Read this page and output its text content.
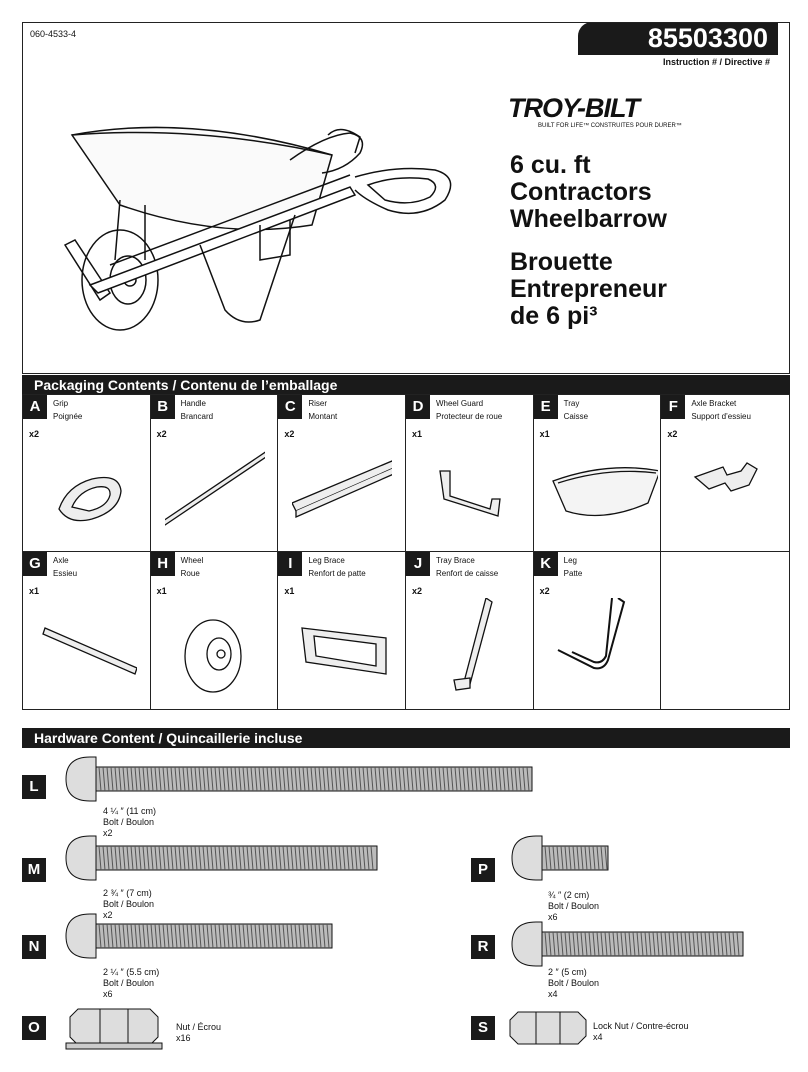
060-4533-4	85503300
Instruction # / Directive #
TROY-BILT
BUILT FOR LIFE™ CONSTRUITES POUR DURER™
6 cu. ft
Contractors
Wheelbarrow
Brouette
Entrepreneur
de 6 pi³
Packaging Contents / Contenu de l’emballage
A	Grip
Poignée
x2
B	Handle
Brancard
x2
C	Riser
Montant
x2
D	Wheel Guard
Protecteur de roue
x1
E	Tray
Caisse
x1
F	Axle Bracket
Support d’essieu
x2
G	Axle
Essieu
x1
H	Wheel
Roue
x1
I	Leg Brace
Renfort de patte
x1
J	Tray Brace
Renfort de caisse
x2
K	Leg
Patte
x2
Hardware Content / Quincaillerie incluse
L
4 ¼ ″ (11 cm)
Bolt / Boulon
x2
M
2 ¾ ″ (7 cm)
Bolt / Boulon
x2
N
2 ¼ ″ (5.5 cm)
Bolt / Boulon
x6
O	Nut / Écrou
x16
P
¾ ″ (2 cm)
Bolt / Boulon
x6
R
2 ″ (5 cm)
Bolt / Boulon
x4
S	Lock Nut / Contre-écrou
x4
